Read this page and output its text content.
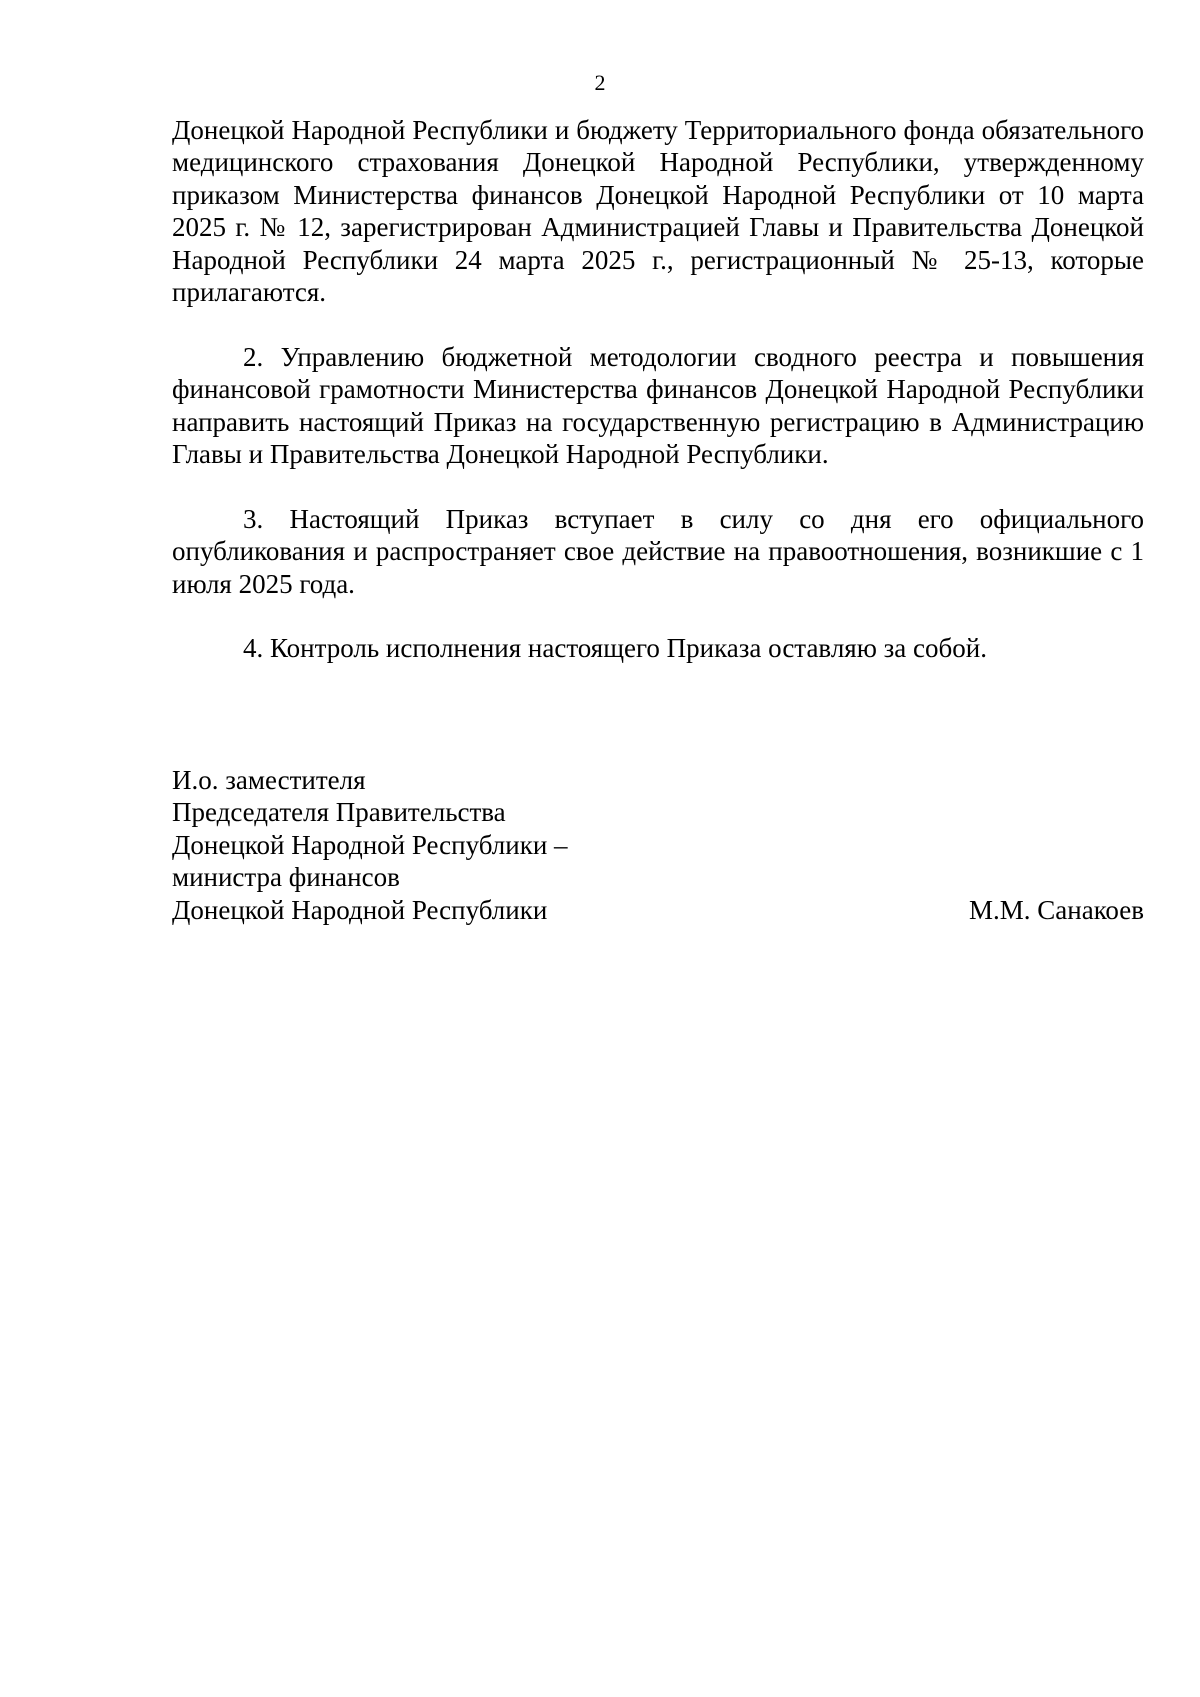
2

Донецкой Народной Республики и бюджету Территориального фонда обязательного медицинского страхования Донецкой Народной Республики, утвержденному приказом Министерства финансов Донецкой Народной Республики от 10 марта 2025 г. № 12, зарегистрирован Администрацией Главы и Правительства Донецкой Народной Республики 24 марта 2025 г., регистрационный № 25-13, которые прилагаются.

2. Управлению бюджетной методологии сводного реестра и повышения финансовой грамотности Министерства финансов Донецкой Народной Республики направить настоящий Приказ на государственную регистрацию в Администрацию Главы и Правительства Донецкой Народной Республики.

3. Настоящий Приказ вступает в силу со дня его официального опубликования и распространяет свое действие на правоотношения, возникшие с 1 июля 2025 года.

4. Контроль исполнения настоящего Приказа оставляю за собой.

И.о. заместителя
Председателя Правительства
Донецкой Народной Республики –
министра финансов
Донецкой Народной Республики	М.М. Санакоев
